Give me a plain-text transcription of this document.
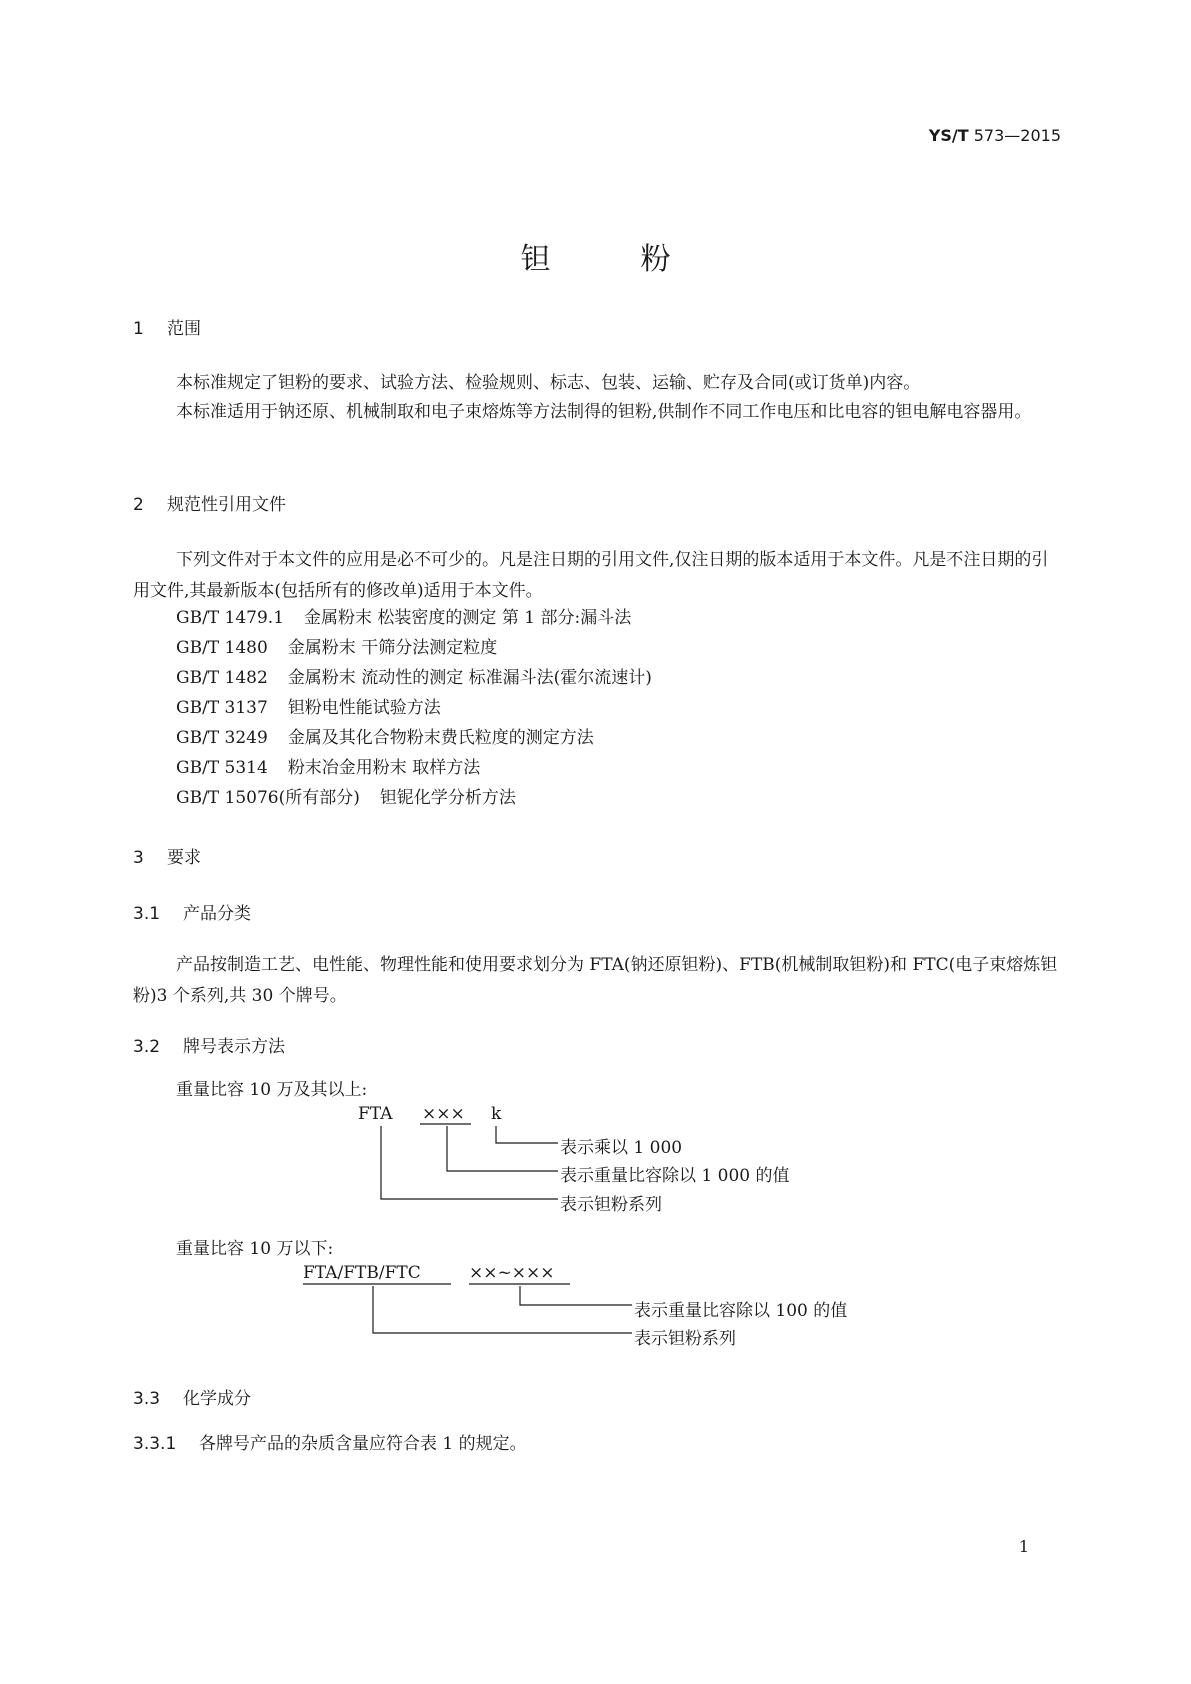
YS/T 573—2015
钽粉
1 范围
本标准规定了钽粉的要求、试验方法、检验规则、标志、包装、运输、贮存及合同(或订货单)内容。
本标准适用于钠还原、机械制取和电子束熔炼等方法制得的钽粉,供制作不同工作电压和比电容的钽电解电容器用。
2 规范性引用文件
下列文件对于本文件的应用是必不可少的。凡是注日期的引用文件,仅注日期的版本适用于本文件。凡是不注日期的引用文件,其最新版本(包括所有的修改单)适用于本文件。
GB/T 1479.1 金属粉末 松装密度的测定 第 1 部分:漏斗法
GB/T 1480 金属粉末 干筛分法测定粒度
GB/T 1482 金属粉末 流动性的测定 标准漏斗法(霍尔流速计)
GB/T 3137 钽粉电性能试验方法
GB/T 3249 金属及其化合物粉末费氏粒度的测定方法
GB/T 5314 粉末冶金用粉末 取样方法
GB/T 15076(所有部分) 钽铌化学分析方法
3 要求
3.1 产品分类
产品按制造工艺、电性能、物理性能和使用要求划分为 FTA(钠还原钽粉)、FTB(机械制取钽粉)和 FTC(电子束熔炼钽粉)3 个系列,共 30 个牌号。
3.2 牌号表示方法
重量比容 10 万及其以上:
FTA ××× k
表示乘以 1 000
表示重量比容除以 1 000 的值
表示钽粉系列
重量比容 10 万以下:
FTA/FTB/FTC	××~×××
表示重量比容除以 100 的值
表示钽粉系列
3.3 化学成分
3.3.1 各牌号产品的杂质含量应符合表 1 的规定。
1
